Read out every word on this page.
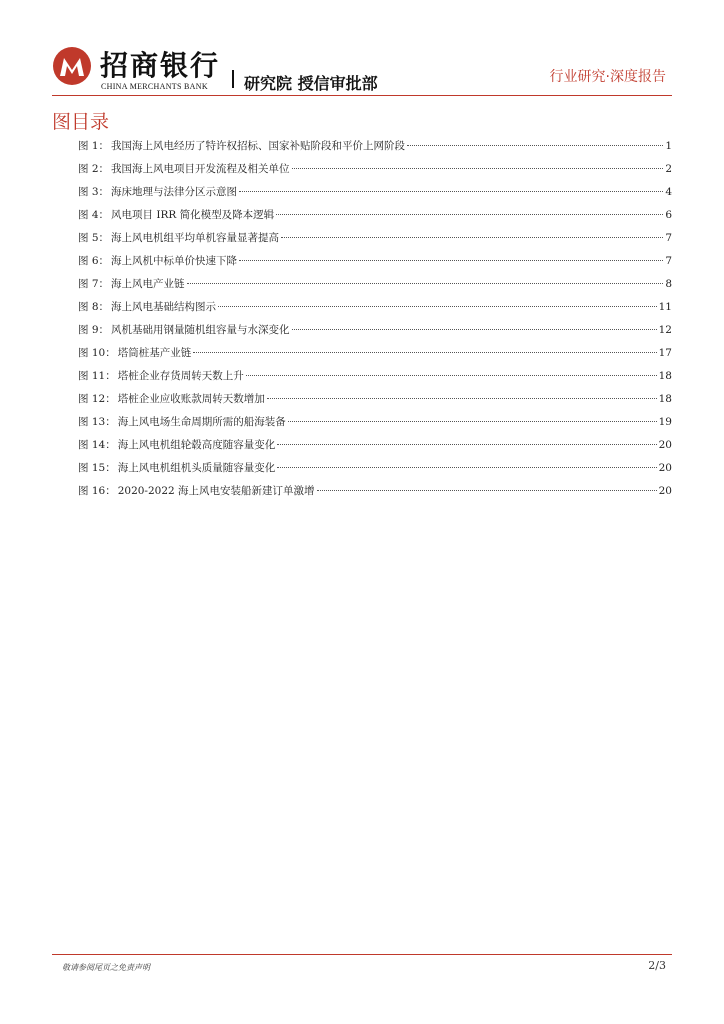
招商银行
CHINA MERCHANTS BANK 研究院 授信审批部	行业研究·深度报告
图目录
图 1： 我国海上风电经历了特许权招标、国家补贴阶段和平价上网阶段	1
图 2： 我国海上风电项目开发流程及相关单位	2
图 3： 海床地理与法律分区示意图	4
图 4： 风电项目 IRR 简化模型及降本逻辑	6
图 5： 海上风电机组平均单机容量显著提高	7
图 6： 海上风机中标单价快速下降	7
图 7： 海上风电产业链	8
图 8： 海上风电基础结构图示	11
图 9： 风机基础用钢量随机组容量与水深变化	12
图 10： 塔筒桩基产业链	17
图 11： 塔桩企业存货周转天数上升	18
图 12： 塔桩企业应收账款周转天数增加	18
图 13： 海上风电场生命周期所需的船海装备	19
图 14： 海上风电机组轮毂高度随容量变化	20
图 15： 海上风电机组机头质量随容量变化	20
图 16： 2020-2022 海上风电安装船新建订单激增	20
敬请参阅尾页之免责声明	2/3
